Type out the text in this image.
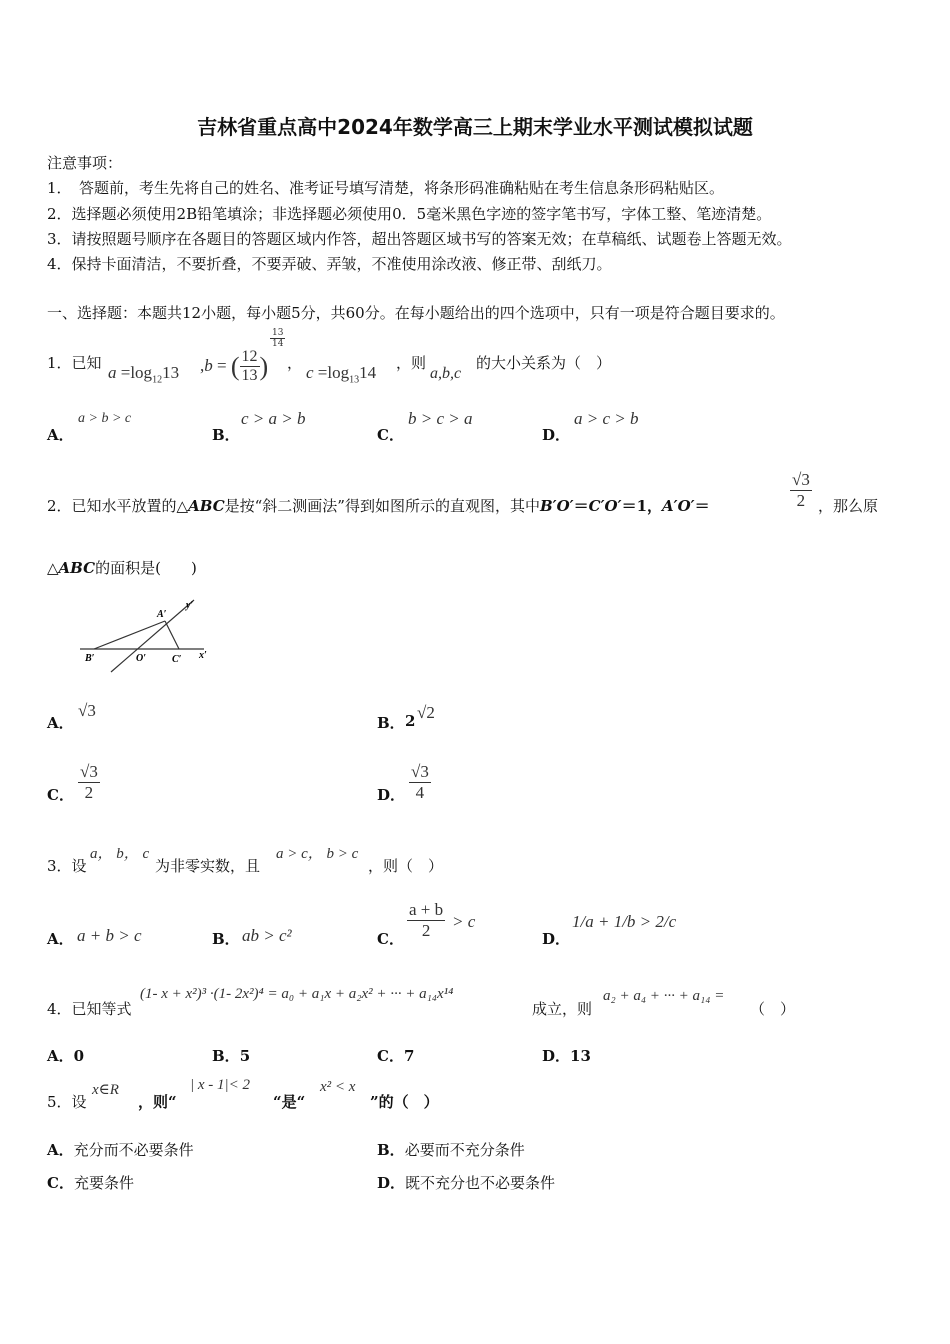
吉林省重点高中2024年数学高三上期末学业水平测试模拟试题
注意事项：
1．　答题前，考生先将自己的姓名、准考证号填写清楚，将条形码准确粘贴在考生信息条形码粘贴区。
2．选择题必须使用2B铅笔填涂；非选择题必须使用0．5毫米黑色字迹的签字笔书写，字体工整、笔迹清楚。
3．请按照题号顺序在各题目的答题区域内作答，超出答题区域书写的答案无效；在草稿纸、试题卷上答题无效。
4．保持卡面清洁，不要折叠，不要弄破、弄皱，不准使用涂改液、修正带、刮纸刀。
一、选择题：本题共12小题，每小题5分，共60分。在每小题给出的四个选项中，只有一项是符合题目要求的。
1．已知 $a =\log_{12}13$ ,b = ( $\frac{12}{13}$ )
$\frac{13}{14}$
， $c =\log_{13}14$ ，则
a,b,c
的大小关系为（　）
A．
a > b > c
B．
c > a > b
C．
b > c > a
D．
a > c > b
2．已知水平放置的△ABC是按“斜二测画法”得到如图所示的直观图，其中B′O′＝C′O′＝1，A′O′＝	$\frac{√3}{2}$ ，那么原
△ABC的面积是(　　)
A′
y′
B′	O′	C′ x′
A．
√3
B． 2 √2
C． $\frac{√3}{2}$	D． $\frac{√3}{4}$
3．设
a， b， c
为非零实数，且
a > c， b > c
，则（　）
A． a + b > c	B． ab > c²	C． $\frac{a + b}{2} > c$
D．
1/a + 1/b > 2/c
4．已知等式
(1- x + x²)³ ·(1- 2x²)⁴ = a₀ + a₁x + a₂x² + ··· + a₁₄x¹⁴
成立，则
a₂ + a₄ + ··· + a₁₄ =
（　）
A．0	B．5	C．7	D．13
5．设
x∈R
，则“
| x - 1|< 2
“是“
x² < x
”的（　）
A．充分而不必要条件	B．必要而不充分条件
C．充要条件	D．既不充分也不必要条件
